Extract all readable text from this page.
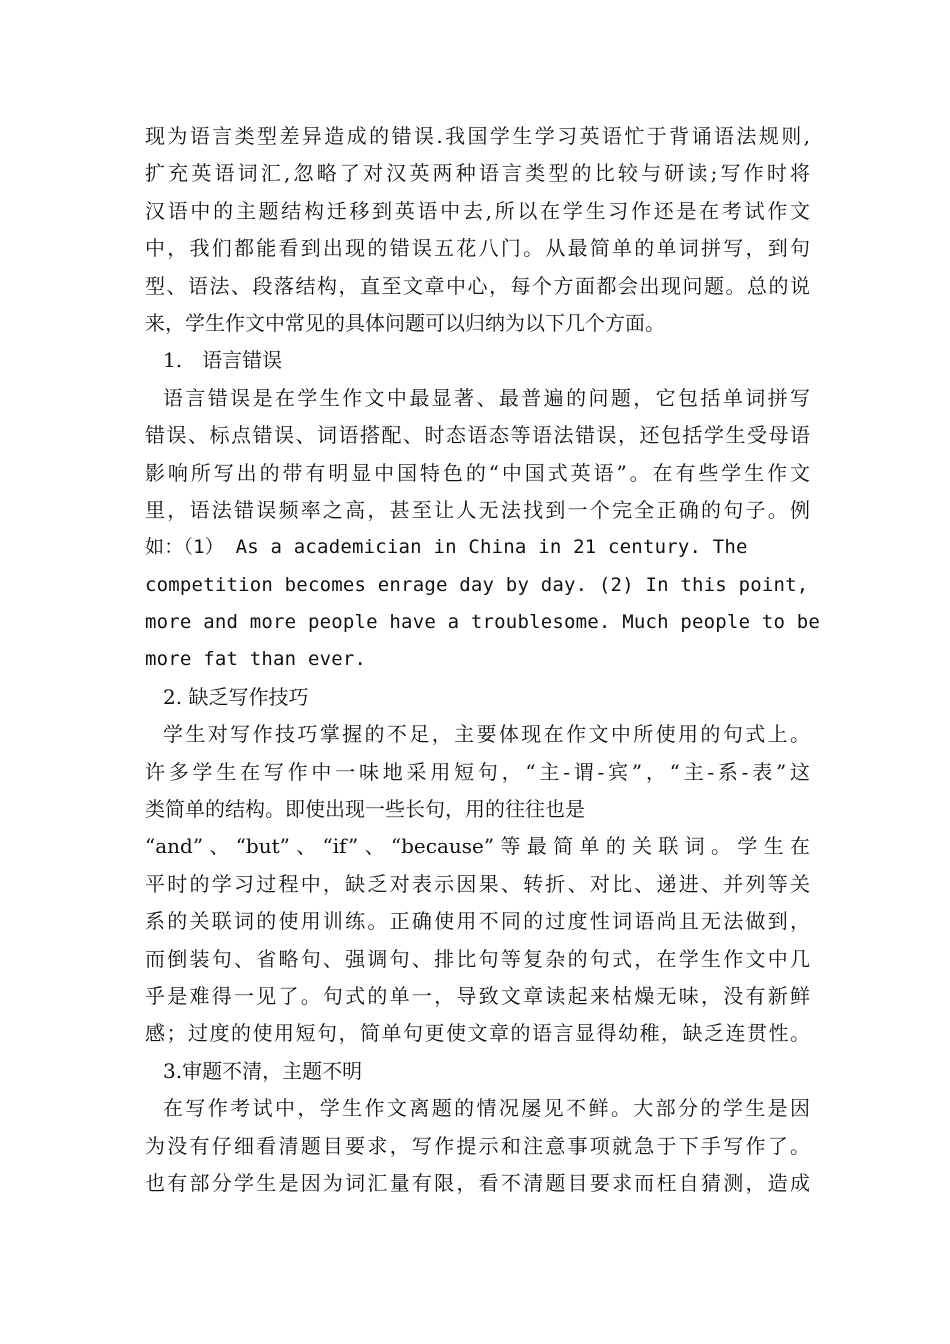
现为语言类型差异造成的错误.我国学生学习英语忙于背诵语法规则,
扩充英语词汇,忽略了对汉英两种语言类型的比较与研读;写作时将
汉语中的主题结构迁移到英语中去,所以在学生习作还是在考试作文
中，我们都能看到出现的错误五花八门。从最简单的单词拼写，到句
型、语法、段落结构，直至文章中心，每个方面都会出现问题。总的说
来，学生作文中常见的具体问题可以归纳为以下几个方面。
1.　语言错误
语言错误是在学生作文中最显著、最普遍的问题，它包括单词拼写
错误、标点错误、词语搭配、时态语态等语法错误，还包括学生受母语
影响所写出的带有明显中国特色的“中国式英语”。在有些学生作文
里，语法错误频率之高，甚至让人无法找到一个完全正确的句子。例
如：（1） As a academician in China in 21 century. The
competition becomes enrage day by day. (2) In this point,
more and more people have a troublesome. Much people to be
more fat than ever.
2. 缺乏写作技巧
学生对写作技巧掌握的不足，主要体现在作文中所使用的句式上。
许多学生在写作中一味地采用短句，“主-谓-宾”，“主-系-表”这
类简单的结构。即使出现一些长句，用的往往也是
“and”、“but”、“if”、“because”等最简单的关联词。学生在
平时的学习过程中，缺乏对表示因果、转折、对比、递进、并列等关
系的关联词的使用训练。正确使用不同的过度性词语尚且无法做到，
而倒装句、省略句、强调句、排比句等复杂的句式，在学生作文中几
乎是难得一见了。句式的单一，导致文章读起来枯燥无味，没有新鲜
感；过度的使用短句，简单句更使文章的语言显得幼稚，缺乏连贯性。
3.审题不清，主题不明
在写作考试中，学生作文离题的情况屡见不鲜。大部分的学生是因
为没有仔细看清题目要求，写作提示和注意事项就急于下手写作了。
也有部分学生是因为词汇量有限，看不清题目要求而枉自猜测，造成
